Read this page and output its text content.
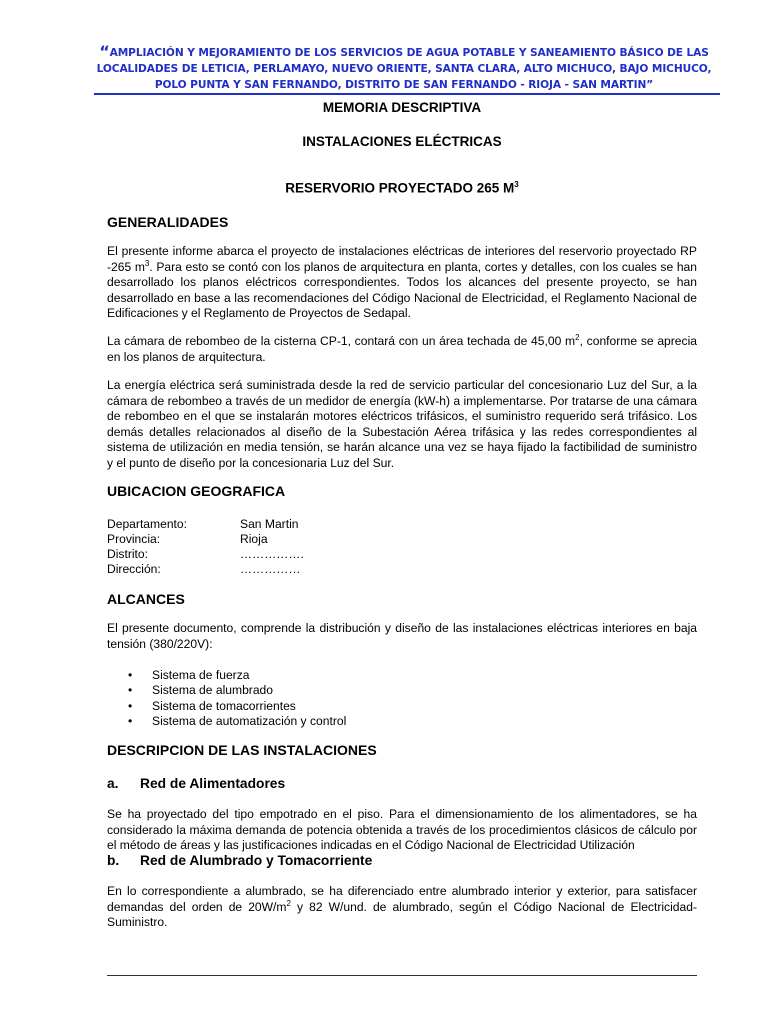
“AMPLIACIÓN Y MEJORAMIENTO DE LOS SERVICIOS DE AGUA POTABLE Y SANEAMIENTO BÁSICO DE LAS LOCALIDADES DE LETICIA, PERLAMAYO, NUEVO ORIENTE, SANTA CLARA, ALTO MICHUCO, BAJO MICHUCO, POLO PUNTA Y SAN FERNANDO, DISTRITO DE SAN FERNANDO - RIOJA - SAN MARTIN”
MEMORIA DESCRIPTIVA
INSTALACIONES ELÉCTRICAS
RESERVORIO PROYECTADO 265 $M^3$
GENERALIDADES

El presente informe abarca el proyecto de instalaciones eléctricas de interiores del reservorio proyectado RP -265 $m^3$. Para esto se contó con los planos de arquitectura en planta, cortes y detalles, con los cuales se han desarrollado los planos eléctricos correspondientes. Todos los alcances del presente proyecto, se han desarrollado en base a las recomendaciones del Código Nacional de Electricidad, el Reglamento Nacional de Edificaciones y el Reglamento de Proyectos de Sedapal.

La cámara de rebombeo de la cisterna CP-1, contará con un área techada de 45,00 $m^2$, conforme se aprecia en los planos de arquitectura.

La energía eléctrica será suministrada desde la red de servicio particular del concesionario Luz del Sur, a la cámara de rebombeo a través de un medidor de energía (kW-h) a implementarse. Por tratarse de una cámara de rebombeo en el que se instalarán motores eléctricos trifásicos, el suministro requerido será trifásico. Los demás detalles relacionados al diseño de la Subestación Aérea trifásica y las redes correspondientes al sistema de utilización en media tensión, se harán alcance una vez se haya fijado la factibilidad de suministro y el punto de diseño por la concesionaria Luz del Sur.

UBICACION GEOGRAFICA
Departamento:	San Martin
Provincia:	Rioja
Distrito:	…………….
Dirección:	……………
ALCANCES

El presente documento, comprende la distribución y diseño de las instalaciones eléctricas interiores en baja tensión (380/220V):

• Sistema de fuerza
• Sistema de alumbrado
• Sistema de tomacorrientes
• Sistema de automatización y control
DESCRIPCION DE LAS INSTALACIONES
a. Red de Alimentadores

Se ha proyectado del tipo empotrado en el piso. Para el dimensionamiento de los alimentadores, se ha considerado la máxima demanda de potencia obtenida a través de los procedimientos clásicos de cálculo por el método de áreas y las justificaciones indicadas en el Código Nacional de Electricidad Utilización

b. Red de Alumbrado y Tomacorriente

En lo correspondiente a alumbrado, se ha diferenciado entre alumbrado interior y exterior, para satisfacer demandas del orden de $20W/m^2$ y 82 W/und. de alumbrado, según el Código Nacional de Electricidad-Suministro.
